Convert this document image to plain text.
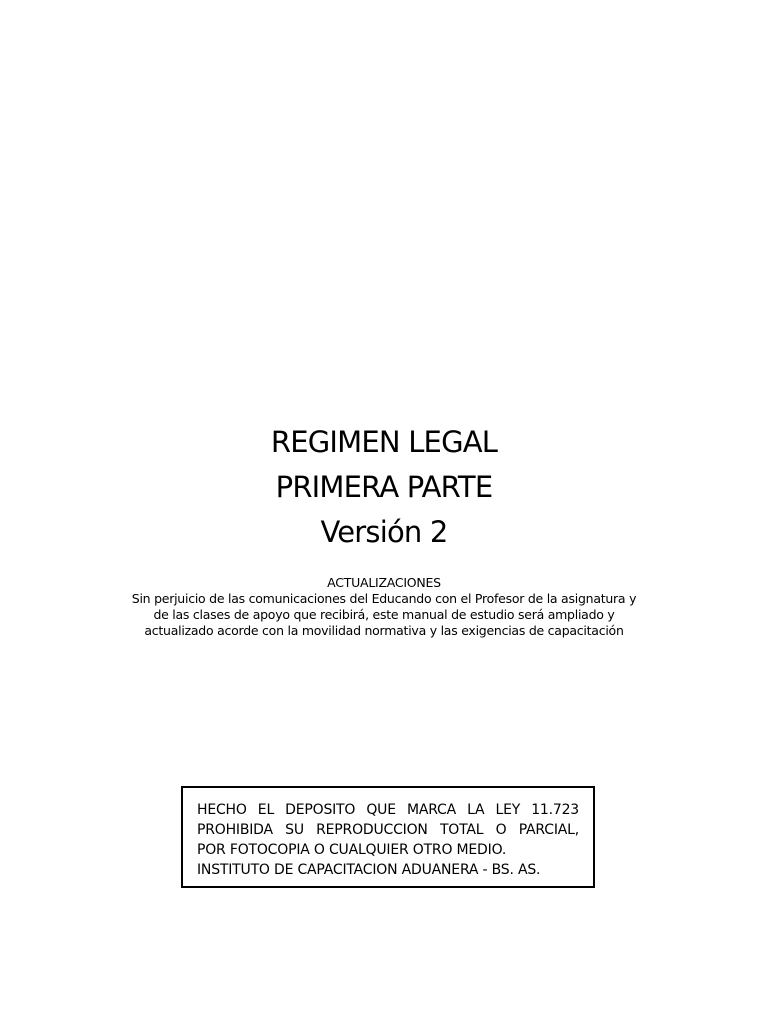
REGIMEN LEGAL
PRIMERA PARTE
Versión 2
ACTUALIZACIONES
Sin perjuicio de las comunicaciones del Educando con el Profesor de la asignatura y
de las clases de apoyo que recibirá, este manual de estudio será ampliado y
actualizado acorde con la movilidad normativa y las exigencias de capacitación
HECHO EL DEPOSITO QUE MARCA LA LEY 11.723
PROHIBIDA SU REPRODUCCION TOTAL O PARCIAL,
POR FOTOCOPIA O CUALQUIER OTRO MEDIO.
INSTITUTO DE CAPACITACION ADUANERA - BS. AS.
